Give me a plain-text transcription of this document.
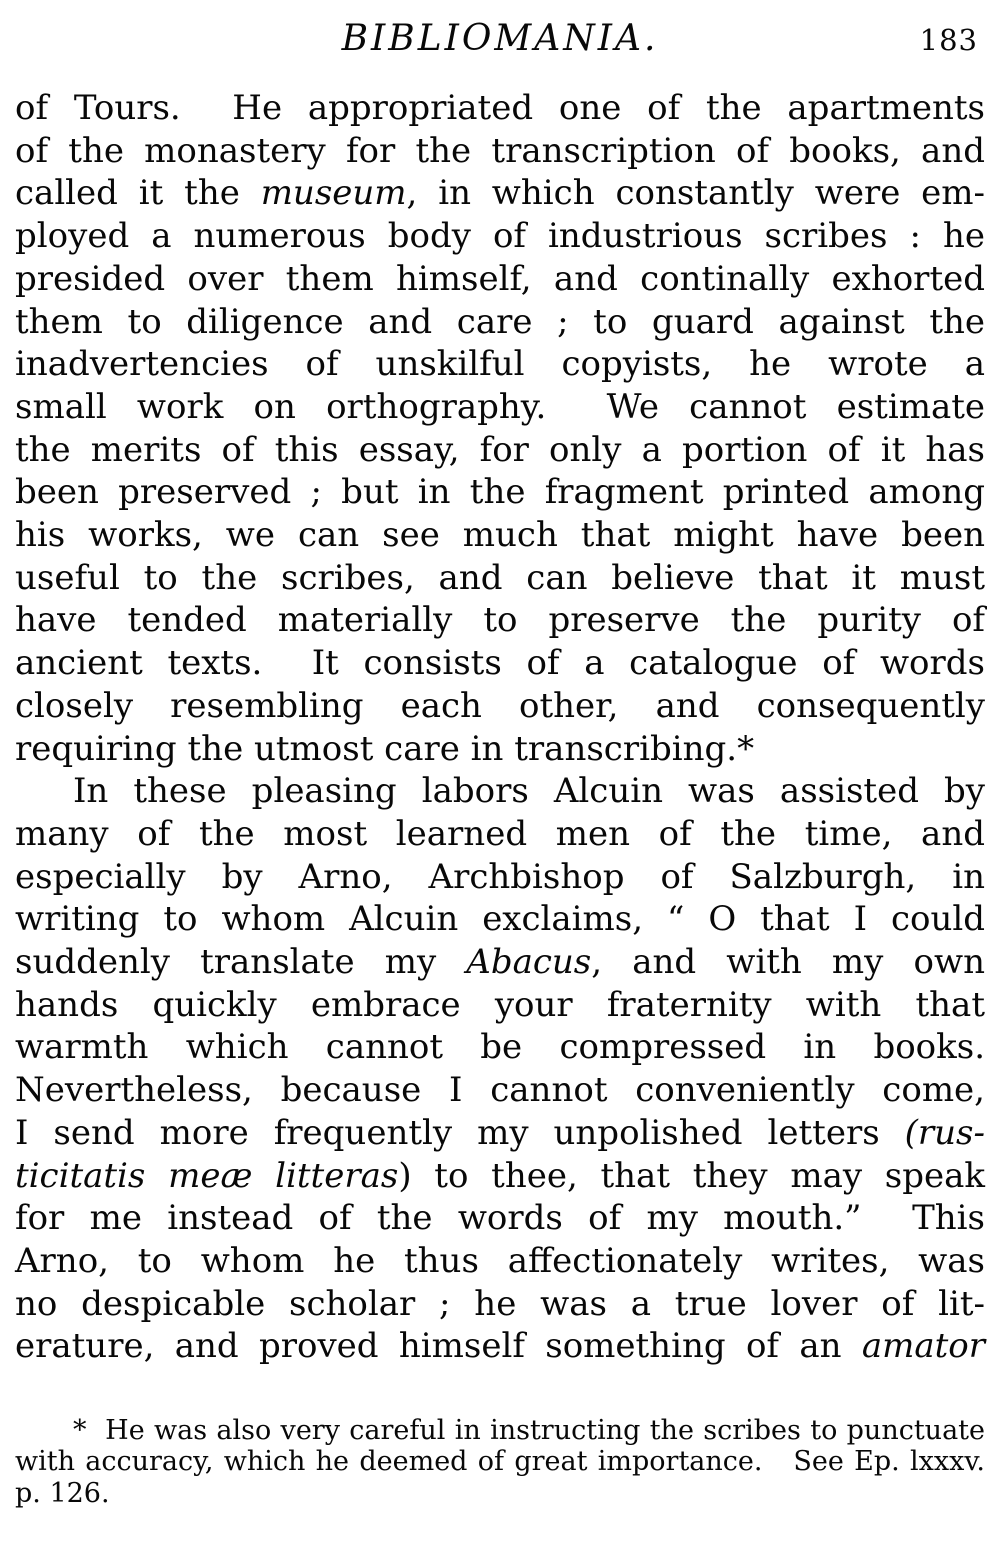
BIBLIOMANIA.	183
of Tours.  He appropriated one of the apartments
of the monastery for the transcription of books, and
called it the museum, in which constantly were em-
ployed a numerous body of industrious scribes : he
presided over them himself, and continally exhorted
them to diligence and care ; to guard against the
inadvertencies of unskilful copyists, he wrote a
small work on orthography.  We cannot estimate
the merits of this essay, for only a portion of it has
been preserved ; but in the fragment printed among
his works, we can see much that might have been
useful to the scribes, and can believe that it must
have tended materially to preserve the purity of
ancient texts.  It consists of a catalogue of words
closely resembling each other, and consequently
requiring the utmost care in transcribing.*
In these pleasing labors Alcuin was assisted by
many of the most learned men of the time, and
especially by Arno, Archbishop of Salzburgh, in
writing to whom Alcuin exclaims, “ O that I could
suddenly translate my Abacus, and with my own
hands quickly embrace your fraternity with that
warmth which cannot be compressed in books.
Nevertheless, because I cannot conveniently come,
I send more frequently my unpolished letters (rus-
ticitatis meæ litteras) to thee, that they may speak
for me instead of the words of my mouth.”  This
Arno, to whom he thus affectionately writes, was
no despicable scholar ; he was a true lover of lit-
erature, and proved himself something of an amator
*  He was also very careful in instructing the scribes to punctuate
with accuracy, which he deemed of great importance.   See Ep. lxxxv.
p. 126.
